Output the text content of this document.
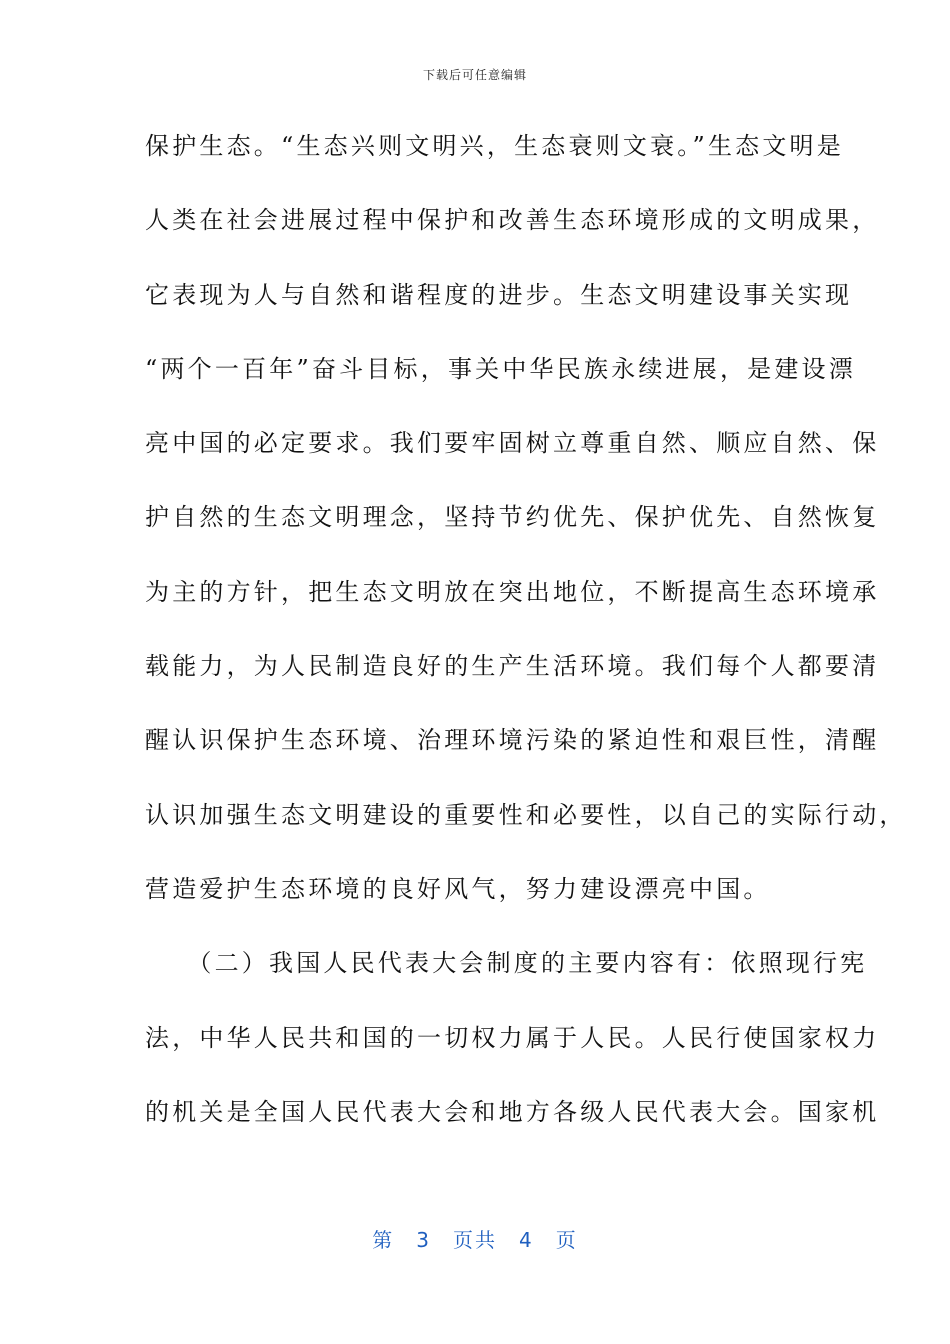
下载后可任意编辑
保护生态。“生态兴则文明兴，生态衰则文衰。”生态文明是
人类在社会进展过程中保护和改善生态环境形成的文明成果，
它表现为人与自然和谐程度的进步。生态文明建设事关实现
“两个一百年”奋斗目标，事关中华民族永续进展，是建设漂
亮中国的必定要求。我们要牢固树立尊重自然、顺应自然、保
护自然的生态文明理念，坚持节约优先、保护优先、自然恢复
为主的方针，把生态文明放在突出地位，不断提高生态环境承
载能力，为人民制造良好的生产生活环境。我们每个人都要清
醒认识保护生态环境、治理环境污染的紧迫性和艰巨性，清醒
认识加强生态文明建设的重要性和必要性，以自己的实际行动，
营造爱护生态环境的良好风气，努力建设漂亮中国。
　　（二）我国人民代表大会制度的主要内容有：依照现行宪
法，中华人民共和国的一切权力属于人民。人民行使国家权力
的机关是全国人民代表大会和地方各级人民代表大会。国家机
第 3 页共 4 页
